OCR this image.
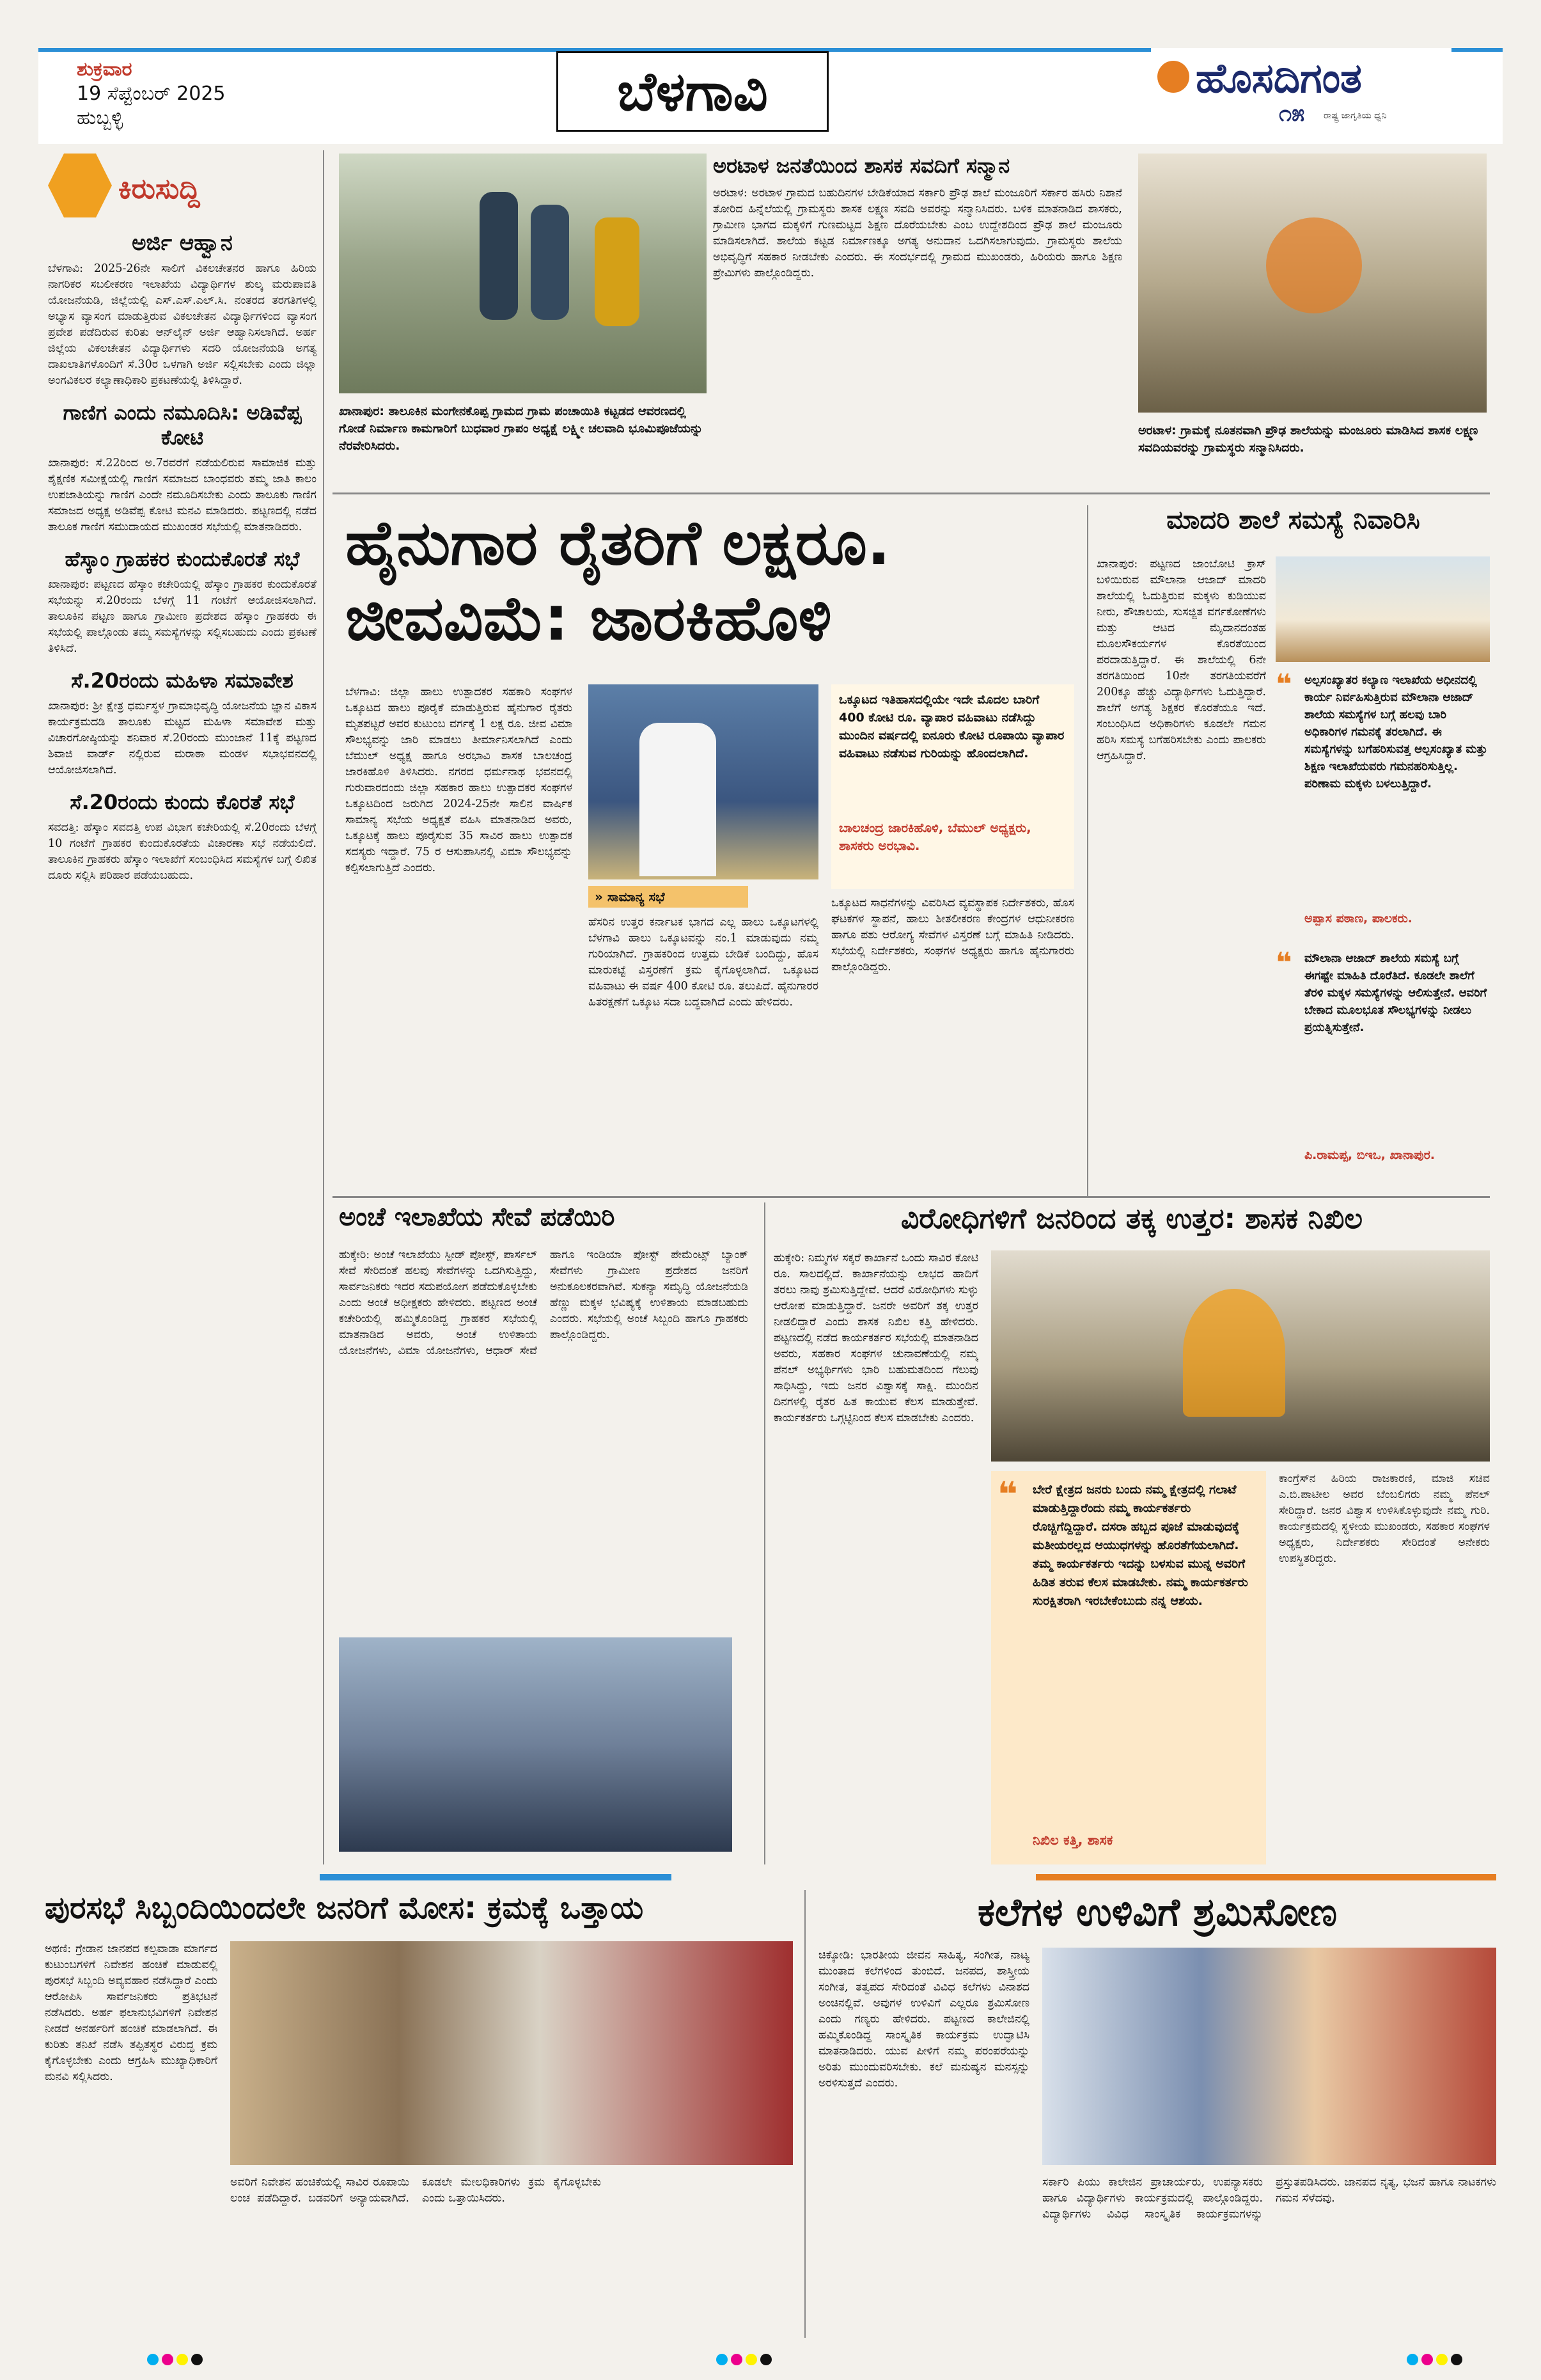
ಶುಕ್ರವಾರ
19 ಸೆಪ್ಟೆಂಬರ್ 2025
ಹುಬ್ಬಳ್ಳಿ	ಬೆಳಗಾವಿ	ಹೊಸದಿಗಂತ
೧೫	ರಾಷ್ಟ್ರ ಜಾಗೃತಿಯ ಧ್ವನಿ
ಕಿರುಸುದ್ದಿ
ಅರ್ಜಿ ಆಹ್ವಾನ
ಬೆಳಗಾವಿ: 2025-26ನೇ ಸಾಲಿಗೆ ವಿಕಲಚೇತನರ ಹಾಗೂ ಹಿರಿಯ ನಾಗರಿಕರ ಸಬಲೀಕರಣ ಇಲಾಖೆಯ ವಿದ್ಯಾರ್ಥಿಗಳ ಶುಲ್ಕ ಮರುಪಾವತಿ ಯೋಜನೆಯಡಿ, ಜಿಲ್ಲೆಯಲ್ಲಿ ಎಸ್.ಎಸ್.ಎಲ್.ಸಿ. ನಂತರದ ತರಗತಿಗಳಲ್ಲಿ ಅಭ್ಯಾಸ ವ್ಯಾಸಂಗ ಮಾಡುತ್ತಿರುವ ವಿಕಲಚೇತನ ವಿದ್ಯಾರ್ಥಿಗಳಿಂದ ವ್ಯಾಸಂಗ ಪ್ರವೇಶ ಪಡೆದಿರುವ ಕುರಿತು ಆನ್‌ಲೈನ್ ಅರ್ಜಿ ಆಹ್ವಾನಿಸಲಾಗಿದೆ. ಅರ್ಹ ಜಿಲ್ಲೆಯ ವಿಕಲಚೇತನ ವಿದ್ಯಾರ್ಥಿಗಳು ಸದರಿ ಯೋಜನೆಯಡಿ ಅಗತ್ಯ ದಾಖಲಾತಿಗಳೊಂದಿಗೆ ಸೆ.30ರ ಒಳಗಾಗಿ ಅರ್ಜಿ ಸಲ್ಲಿಸಬೇಕು ಎಂದು ಜಿಲ್ಲಾ ಅಂಗವಿಕಲರ ಕಲ್ಯಾಣಾಧಿಕಾರಿ ಪ್ರಕಟಣೆಯಲ್ಲಿ ತಿಳಿಸಿದ್ದಾರೆ.
ಗಾಣಿಗ ಎಂದು ನಮೂದಿಸಿ: ಅಡಿವೆಪ್ಪ ಕೋಟಿ
ಖಾನಾಪುರ: ಸೆ.22ರಿಂದ ಅ.7ರವರೆಗೆ ನಡೆಯಲಿರುವ ಸಾಮಾಜಿಕ ಮತ್ತು ಶೈಕ್ಷಣಿಕ ಸಮೀಕ್ಷೆಯಲ್ಲಿ ಗಾಣಿಗ ಸಮಾಜದ ಬಾಂಧವರು ತಮ್ಮ ಜಾತಿ ಕಾಲಂ ಉಪಜಾತಿಯನ್ನು ಗಾಣಿಗ ಎಂದೇ ನಮೂದಿಸಬೇಕು ಎಂದು ತಾಲೂಕು ಗಾಣಿಗ ಸಮಾಜದ ಅಧ್ಯಕ್ಷ ಅಡಿವೆಪ್ಪ ಕೋಟಿ ಮನವಿ ಮಾಡಿದರು. ಪಟ್ಟಣದಲ್ಲಿ ನಡೆದ ತಾಲೂಕ ಗಾಣಿಗ ಸಮುದಾಯದ ಮುಖಂಡರ ಸಭೆಯಲ್ಲಿ ಮಾತನಾಡಿದರು.
ಹೆಸ್ಕಾಂ ಗ್ರಾಹಕರ ಕುಂದುಕೊರತೆ ಸಭೆ
ಖಾನಾಪುರ: ಪಟ್ಟಣದ ಹೆಸ್ಕಾಂ ಕಚೇರಿಯಲ್ಲಿ ಹೆಸ್ಕಾಂ ಗ್ರಾಹಕರ ಕುಂದುಕೊರತೆ ಸಭೆಯನ್ನು ಸೆ.20ರಂದು ಬೆಳಗ್ಗೆ 11 ಗಂಟೆಗೆ ಆಯೋಜಿಸಲಾಗಿದೆ. ತಾಲೂಕಿನ ಪಟ್ಟಣ ಹಾಗೂ ಗ್ರಾಮೀಣ ಪ್ರದೇಶದ ಹೆಸ್ಕಾಂ ಗ್ರಾಹಕರು ಈ ಸಭೆಯಲ್ಲಿ ಪಾಲ್ಗೊಂಡು ತಮ್ಮ ಸಮಸ್ಯೆಗಳನ್ನು ಸಲ್ಲಿಸಬಹುದು ಎಂದು ಪ್ರಕಟಣೆ ತಿಳಿಸಿದೆ.
ಸೆ.20ರಂದು ಮಹಿಳಾ ಸಮಾವೇಶ
ಖಾನಾಪುರ: ಶ್ರೀ ಕ್ಷೇತ್ರ ಧರ್ಮಸ್ಥಳ ಗ್ರಾಮಾಭಿವೃದ್ಧಿ ಯೋಜನೆಯ ಜ್ಞಾನ ವಿಕಾಸ ಕಾರ್ಯಕ್ರಮದಡಿ ತಾಲೂಕು ಮಟ್ಟದ ಮಹಿಳಾ ಸಮಾವೇಶ ಮತ್ತು ವಿಚಾರಗೋಷ್ಠಿಯನ್ನು ಶನಿವಾರ ಸೆ.20ರಂದು ಮುಂಜಾನೆ 11ಕ್ಕೆ ಪಟ್ಟಣದ ಶಿವಾಜಿ ವಾರ್ಡ್ ನಲ್ಲಿರುವ ಮರಾಠಾ ಮಂಡಳ ಸಭಾಭವನದಲ್ಲಿ ಆಯೋಜಿಸಲಾಗಿದೆ.
ಸೆ.20ರಂದು ಕುಂದು ಕೊರತೆ ಸಭೆ
ಸವದತ್ತಿ: ಹೆಸ್ಕಾಂ ಸವದತ್ತಿ ಉಪ ವಿಭಾಗ ಕಚೇರಿಯಲ್ಲಿ ಸೆ.20ರಂದು ಬೆಳಗ್ಗೆ 10 ಗಂಟೆಗೆ ಗ್ರಾಹಕರ ಕುಂದುಕೊರತೆಯ ವಿಚಾರಣಾ ಸಭೆ ನಡೆಯಲಿದೆ. ತಾಲೂಕಿನ ಗ್ರಾಹಕರು ಹೆಸ್ಕಾಂ ಇಲಾಖೆಗೆ ಸಂಬಂಧಿಸಿದ ಸಮಸ್ಯೆಗಳ ಬಗ್ಗೆ ಲಿಖಿತ ದೂರು ಸಲ್ಲಿಸಿ ಪರಿಹಾರ ಪಡೆಯಬಹುದು.
ಖಾನಾಪುರ: ತಾಲೂಕಿನ ಮಂಗೇನಕೊಪ್ಪ ಗ್ರಾಮದ ಗ್ರಾಮ ಪಂಚಾಯಿತಿ ಕಟ್ಟಡದ ಆವರಣದಲ್ಲಿ ಗೋಡೆ ನಿರ್ಮಾಣ ಕಾಮಗಾರಿಗೆ ಬುಧವಾರ ಗ್ರಾಪಂ ಅಧ್ಯಕ್ಷೆ ಲಕ್ಷ್ಮೀ ಚಲವಾದಿ ಭೂಮಿಪೂಜೆಯನ್ನು ನೆರವೇರಿಸಿದರು.
ಅರಟಾಳ ಜನತೆಯಿಂದ ಶಾಸಕ ಸವದಿಗೆ ಸನ್ಮಾನ
ಅರಟಾಳ: ಅರಟಾಳ ಗ್ರಾಮದ ಬಹುದಿನಗಳ ಬೇಡಿಕೆಯಾದ ಸರ್ಕಾರಿ ಪ್ರೌಢ ಶಾಲೆ ಮಂಜೂರಿಗೆ ಸರ್ಕಾರ ಹಸಿರು ನಿಶಾನೆ ತೋರಿದ ಹಿನ್ನೆಲೆಯಲ್ಲಿ ಗ್ರಾಮಸ್ಥರು ಶಾಸಕ ಲಕ್ಷ್ಮಣ ಸವದಿ ಅವರನ್ನು ಸನ್ಮಾನಿಸಿದರು. ಬಳಿಕ ಮಾತನಾಡಿದ ಶಾಸಕರು, ಗ್ರಾಮೀಣ ಭಾಗದ ಮಕ್ಕಳಿಗೆ ಗುಣಮಟ್ಟದ ಶಿಕ್ಷಣ ದೊರೆಯಬೇಕು ಎಂಬ ಉದ್ದೇಶದಿಂದ ಪ್ರೌಢ ಶಾಲೆ ಮಂಜೂರು ಮಾಡಿಸಲಾಗಿದೆ. ಶಾಲೆಯ ಕಟ್ಟಡ ನಿರ್ಮಾಣಕ್ಕೂ ಅಗತ್ಯ ಅನುದಾನ ಒದಗಿಸಲಾಗುವುದು. ಗ್ರಾಮಸ್ಥರು ಶಾಲೆಯ ಅಭಿವೃದ್ಧಿಗೆ ಸಹಕಾರ ನೀಡಬೇಕು ಎಂದರು. ಈ ಸಂದರ್ಭದಲ್ಲಿ ಗ್ರಾಮದ ಮುಖಂಡರು, ಹಿರಿಯರು ಹಾಗೂ ಶಿಕ್ಷಣ ಪ್ರೇಮಿಗಳು ಪಾಲ್ಗೊಂಡಿದ್ದರು.
ಅರಟಾಳ: ಗ್ರಾಮಕ್ಕೆ ನೂತನವಾಗಿ ಪ್ರೌಢ ಶಾಲೆಯನ್ನು ಮಂಜೂರು ಮಾಡಿಸಿದ ಶಾಸಕ ಲಕ್ಷ್ಮಣ ಸವದಿಯವರನ್ನು ಗ್ರಾಮಸ್ಥರು ಸನ್ಮಾನಿಸಿದರು.
ಹೈನುಗಾರ ರೈತರಿಗೆ ಲಕ್ಷರೂ. ಜೀವವಿಮೆ: ಜಾರಕಿಹೊಳಿ
ಬೆಳಗಾವಿ: ಜಿಲ್ಲಾ ಹಾಲು ಉತ್ಪಾದಕರ ಸಹಕಾರಿ ಸಂಘಗಳ ಒಕ್ಕೂಟದ ಹಾಲು ಪೂರೈಕೆ ಮಾಡುತ್ತಿರುವ ಹೈನುಗಾರ ರೈತರು ಮೃತಪಟ್ಟರೆ ಅವರ ಕುಟುಂಬ ವರ್ಗಕ್ಕೆ 1 ಲಕ್ಷ ರೂ. ಜೀವ ವಿಮಾ ಸೌಲಭ್ಯವನ್ನು ಜಾರಿ ಮಾಡಲು ತೀರ್ಮಾನಿಸಲಾಗಿದೆ ಎಂದು ಬೆಮುಲ್ ಅಧ್ಯಕ್ಷ ಹಾಗೂ ಅರಭಾವಿ ಶಾಸಕ ಬಾಲಚಂದ್ರ ಜಾರಕಿಹೊಳಿ ತಿಳಿಸಿದರು. ನಗರದ ಧರ್ಮನಾಥ ಭವನದಲ್ಲಿ ಗುರುವಾರದಂದು ಜಿಲ್ಲಾ ಸಹಕಾರ ಹಾಲು ಉತ್ಪಾದಕರ ಸಂಘಗಳ ಒಕ್ಕೂಟದಿಂದ ಜರುಗಿದ 2024-25ನೇ ಸಾಲಿನ ವಾರ್ಷಿಕ ಸಾಮಾನ್ಯ ಸಭೆಯ ಅಧ್ಯಕ್ಷತೆ ವಹಿಸಿ ಮಾತನಾಡಿದ ಅವರು, ಒಕ್ಕೂಟಕ್ಕೆ ಹಾಲು ಪೂರೈಸುವ 35 ಸಾವಿರ ಹಾಲು ಉತ್ಪಾದಕ ಸದಸ್ಯರು ಇದ್ದಾರೆ. 75 ರ ಆಸುಪಾಸಿನಲ್ಲಿ ವಿಮಾ ಸೌಲಭ್ಯವನ್ನು ಕಲ್ಪಿಸಲಾಗುತ್ತಿದೆ ಎಂದರು.
» ಸಾಮಾನ್ಯ ಸಭೆ
ಹೆಸರಿನ ಉತ್ತರ ಕರ್ನಾಟಕ ಭಾಗದ ಎಲ್ಲ ಹಾಲು ಒಕ್ಕೂಟಗಳಲ್ಲಿ ಬೆಳಗಾವಿ ಹಾಲು ಒಕ್ಕೂಟವನ್ನು ನಂ.1 ಮಾಡುವುದು ನಮ್ಮ ಗುರಿಯಾಗಿದೆ. ಗ್ರಾಹಕರಿಂದ ಉತ್ತಮ ಬೇಡಿಕೆ ಬಂದಿದ್ದು, ಹೊಸ ಮಾರುಕಟ್ಟೆ ವಿಸ್ತರಣೆಗೆ ಕ್ರಮ ಕೈಗೊಳ್ಳಲಾಗಿದೆ. ಒಕ್ಕೂಟದ ವಹಿವಾಟು ಈ ವರ್ಷ 400 ಕೋಟಿ ರೂ. ತಲುಪಿದೆ. ಹೈನುಗಾರರ ಹಿತರಕ್ಷಣೆಗೆ ಒಕ್ಕೂಟ ಸದಾ ಬದ್ಧವಾಗಿದೆ ಎಂದು ಹೇಳಿದರು.
ಒಕ್ಕೂಟದ ಇತಿಹಾಸದಲ್ಲಿಯೇ ಇದೇ ಮೊದಲ ಬಾರಿಗೆ 400 ಕೋಟಿ ರೂ. ವ್ಯಾಪಾರ ವಹಿವಾಟು ನಡೆಸಿದ್ದು ಮುಂದಿನ ವರ್ಷದಲ್ಲಿ ಐನೂರು ಕೋಟಿ ರೂಪಾಯಿ ವ್ಯಾಪಾರ ವಹಿವಾಟು ನಡೆಸುವ ಗುರಿಯನ್ನು ಹೊಂದಲಾಗಿದೆ.
ಬಾಲಚಂದ್ರ ಜಾರಕಿಹೊಳಿ, ಬೆಮುಲ್ ಅಧ್ಯಕ್ಷರು, ಶಾಸಕರು ಅರಭಾವಿ.
ಒಕ್ಕೂಟದ ಸಾಧನೆಗಳನ್ನು ವಿವರಿಸಿದ ವ್ಯವಸ್ಥಾಪಕ ನಿರ್ದೇಶಕರು, ಹೊಸ ಘಟಕಗಳ ಸ್ಥಾಪನೆ, ಹಾಲು ಶೀತಲೀಕರಣ ಕೇಂದ್ರಗಳ ಆಧುನೀಕರಣ ಹಾಗೂ ಪಶು ಆರೋಗ್ಯ ಸೇವೆಗಳ ವಿಸ್ತರಣೆ ಬಗ್ಗೆ ಮಾಹಿತಿ ನೀಡಿದರು. ಸಭೆಯಲ್ಲಿ ನಿರ್ದೇಶಕರು, ಸಂಘಗಳ ಅಧ್ಯಕ್ಷರು ಹಾಗೂ ಹೈನುಗಾರರು ಪಾಲ್ಗೊಂಡಿದ್ದರು.
ಮಾದರಿ ಶಾಲೆ ಸಮಸ್ಯೆ ನಿವಾರಿಸಿ
ಖಾನಾಪುರ: ಪಟ್ಟಣದ ಜಾಂಬೋಟಿ ಕ್ರಾಸ್ ಬಳಿಯಿರುವ ಮೌಲಾನಾ ಆಜಾದ್ ಮಾದರಿ ಶಾಲೆಯಲ್ಲಿ ಓದುತ್ತಿರುವ ಮಕ್ಕಳು ಕುಡಿಯುವ ನೀರು, ಶೌಚಾಲಯ, ಸುಸಜ್ಜಿತ ವರ್ಗಕೋಣೆಗಳು ಮತ್ತು ಆಟದ ಮೈದಾನದಂತಹ ಮೂಲಸೌಕರ್ಯಗಳ ಕೊರತೆಯಿಂದ ಪರದಾಡುತ್ತಿದ್ದಾರೆ. ಈ ಶಾಲೆಯಲ್ಲಿ 6ನೇ ತರಗತಿಯಿಂದ 10ನೇ ತರಗತಿಯವರೆಗೆ 200ಕ್ಕೂ ಹೆಚ್ಚು ವಿದ್ಯಾರ್ಥಿಗಳು ಓದುತ್ತಿದ್ದಾರೆ. ಶಾಲೆಗೆ ಅಗತ್ಯ ಶಿಕ್ಷಕರ ಕೊರತೆಯೂ ಇದೆ. ಸಂಬಂಧಿಸಿದ ಅಧಿಕಾರಿಗಳು ಕೂಡಲೇ ಗಮನ ಹರಿಸಿ ಸಮಸ್ಯೆ ಬಗೆಹರಿಸಬೇಕು ಎಂದು ಪಾಲಕರು ಆಗ್ರಹಿಸಿದ್ದಾರೆ.
❝ ಅಲ್ಪಸಂಖ್ಯಾತರ ಕಲ್ಯಾಣ ಇಲಾಖೆಯ ಅಧೀನದಲ್ಲಿ ಕಾರ್ಯ ನಿರ್ವಹಿಸುತ್ತಿರುವ ಮೌಲಾನಾ ಆಜಾದ್ ಶಾಲೆಯ ಸಮಸ್ಯೆಗಳ ಬಗ್ಗೆ ಹಲವು ಬಾರಿ ಅಧಿಕಾರಿಗಳ ಗಮನಕ್ಕೆ ತರಲಾಗಿದೆ. ಈ ಸಮಸ್ಯೆಗಳನ್ನು ಬಗೆಹರಿಸುವತ್ತ ಆಲ್ಪಸಂಖ್ಯಾತ ಮತ್ತು ಶಿಕ್ಷಣ ಇಲಾಖೆಯವರು ಗಮನಹರಿಸುತ್ತಿಲ್ಲ. ಪರಿಣಾಮ ಮಕ್ಕಳು ಬಳಲುತ್ತಿದ್ದಾರೆ.
ಅಪ್ಪಾಸ ಪಠಾಣ, ಪಾಲಕರು.
❝ ಮೌಲಾನಾ ಆಜಾದ್ ಶಾಲೆಯ ಸಮಸ್ಯೆ ಬಗ್ಗೆ ಈಗಷ್ಟೇ ಮಾಹಿತಿ ದೊರೆತಿದೆ. ಕೂಡಲೇ ಶಾಲೆಗೆ ತೆರಳಿ ಮಕ್ಕಳ ಸಮಸ್ಯೆಗಳನ್ನು ಆಲಿಸುತ್ತೇನೆ. ಆವರಿಗೆ ಬೇಕಾದ ಮೂಲಭೂತ ಸೌಲಭ್ಯಗಳನ್ನು ನೀಡಲು ಪ್ರಯತ್ನಿಸುತ್ತೇನೆ.
ಪಿ.ರಾಮಪ್ಪ, ಬಿಇಒ, ಖಾನಾಪುರ.
ಅಂಚೆ ಇಲಾಖೆಯ ಸೇವೆ ಪಡೆಯಿರಿ
ಹುಕ್ಕೇರಿ: ಅಂಚೆ ಇಲಾಖೆಯು ಸ್ಪೀಡ್ ಪೋಸ್ಟ್, ಪಾರ್ಸಲ್ ಸೇವೆ ಸೇರಿದಂತೆ ಹಲವು ಸೇವೆಗಳನ್ನು ಒದಗಿಸುತ್ತಿದ್ದು, ಸಾರ್ವಜನಿಕರು ಇದರ ಸದುಪಯೋಗ ಪಡೆದುಕೊಳ್ಳಬೇಕು ಎಂದು ಅಂಚೆ ಅಧೀಕ್ಷಕರು ಹೇಳಿದರು. ಪಟ್ಟಣದ ಅಂಚೆ ಕಚೇರಿಯಲ್ಲಿ ಹಮ್ಮಿಕೊಂಡಿದ್ದ ಗ್ರಾಹಕರ ಸಭೆಯಲ್ಲಿ ಮಾತನಾಡಿದ ಅವರು, ಅಂಚೆ ಉಳಿತಾಯ ಯೋಜನೆಗಳು, ವಿಮಾ ಯೋಜನೆಗಳು, ಆಧಾರ್ ಸೇವೆ ಹಾಗೂ ಇಂಡಿಯಾ ಪೋಸ್ಟ್ ಪೇಮೆಂಟ್ಸ್ ಬ್ಯಾಂಕ್ ಸೇವೆಗಳು ಗ್ರಾಮೀಣ ಪ್ರದೇಶದ ಜನರಿಗೆ ಅನುಕೂಲಕರವಾಗಿವೆ. ಸುಕನ್ಯಾ ಸಮೃದ್ಧಿ ಯೋಜನೆಯಡಿ ಹೆಣ್ಣು ಮಕ್ಕಳ ಭವಿಷ್ಯಕ್ಕೆ ಉಳಿತಾಯ ಮಾಡಬಹುದು ಎಂದರು. ಸಭೆಯಲ್ಲಿ ಅಂಚೆ ಸಿಬ್ಬಂದಿ ಹಾಗೂ ಗ್ರಾಹಕರು ಪಾಲ್ಗೊಂಡಿದ್ದರು.
ವಿರೋಧಿಗಳಿಗೆ ಜನರಿಂದ ತಕ್ಕ ಉತ್ತರ: ಶಾಸಕ ನಿಖಿಲ
ಹುಕ್ಕೇರಿ: ನಿಮ್ಮಗಳ ಸಕ್ಕರೆ ಕಾರ್ಖಾನೆ ಒಂದು ಸಾವಿರ ಕೋಟಿ ರೂ. ಸಾಲದಲ್ಲಿದೆ. ಕಾರ್ಖಾನೆಯನ್ನು ಲಾಭದ ಹಾದಿಗೆ ತರಲು ನಾವು ಶ್ರಮಿಸುತ್ತಿದ್ದೇವೆ. ಆದರೆ ವಿರೋಧಿಗಳು ಸುಳ್ಳು ಆರೋಪ ಮಾಡುತ್ತಿದ್ದಾರೆ. ಜನರೇ ಅವರಿಗೆ ತಕ್ಕ ಉತ್ತರ ನೀಡಲಿದ್ದಾರೆ ಎಂದು ಶಾಸಕ ನಿಖಿಲ ಕತ್ತಿ ಹೇಳಿದರು. ಪಟ್ಟಣದಲ್ಲಿ ನಡೆದ ಕಾರ್ಯಕರ್ತರ ಸಭೆಯಲ್ಲಿ ಮಾತನಾಡಿದ ಅವರು, ಸಹಕಾರ ಸಂಘಗಳ ಚುನಾವಣೆಯಲ್ಲಿ ನಮ್ಮ ಪೆನಲ್ ಅಭ್ಯರ್ಥಿಗಳು ಭಾರಿ ಬಹುಮತದಿಂದ ಗೆಲುವು ಸಾಧಿಸಿದ್ದು, ಇದು ಜನರ ವಿಶ್ವಾಸಕ್ಕೆ ಸಾಕ್ಷಿ. ಮುಂದಿನ ದಿನಗಳಲ್ಲಿ ರೈತರ ಹಿತ ಕಾಯುವ ಕೆಲಸ ಮಾಡುತ್ತೇವೆ. ಕಾರ್ಯಕರ್ತರು ಒಗ್ಗಟ್ಟಿನಿಂದ ಕೆಲಸ ಮಾಡಬೇಕು ಎಂದರು.
❝ ಬೇರೆ ಕ್ಷೇತ್ರದ ಜನರು ಬಂದು ನಮ್ಮ ಕ್ಷೇತ್ರದಲ್ಲಿ ಗಲಾಟೆ ಮಾಡುತ್ತಿದ್ದಾರೆಂದು ನಮ್ಮ ಕಾರ್ಯಕರ್ತರು ರೊಚ್ಚಿಗೆದ್ದಿದ್ದಾರೆ. ದಸರಾ ಹಬ್ಬದ ಪೂಜೆ ಮಾಡುವುದಕ್ಕೆ ಮತೀಯರಲ್ಲದ ಆಯುಧಗಳನ್ನು ಹೊರತೆಗೆಯಲಾಗಿದೆ. ತಮ್ಮ ಕಾರ್ಯಕರ್ತರು ಇದನ್ನು ಬಳಸುವ ಮುನ್ನ ಅವರಿಗೆ ಹಿಡಿತ ತರುವ ಕೆಲಸ ಮಾಡಬೇಕು. ನಮ್ಮ ಕಾರ್ಯಕರ್ತರು ಸುರಕ್ಷಿತರಾಗಿ ಇರಬೇಕೆಂಬುದು ನನ್ನ ಆಶಯ.
ನಿಖಿಲ ಕತ್ತಿ, ಶಾಸಕ
ಕಾಂಗ್ರೆಸ್‌ನ ಹಿರಿಯ ರಾಜಕಾರಣಿ, ಮಾಜಿ ಸಚಿವ ಎ.ಬಿ.ಪಾಟೀಲ ಅವರ ಬೆಂಬಲಿಗರು ನಮ್ಮ ಪೆನಲ್ ಸೇರಿದ್ದಾರೆ. ಜನರ ವಿಶ್ವಾಸ ಉಳಿಸಿಕೊಳ್ಳುವುದೇ ನಮ್ಮ ಗುರಿ. ಕಾರ್ಯಕ್ರಮದಲ್ಲಿ ಸ್ಥಳೀಯ ಮುಖಂಡರು, ಸಹಕಾರ ಸಂಘಗಳ ಅಧ್ಯಕ್ಷರು, ನಿರ್ದೇಶಕರು ಸೇರಿದಂತೆ ಅನೇಕರು ಉಪಸ್ಥಿತರಿದ್ದರು.
ಪುರಸಭೆ ಸಿಬ್ಬಂದಿಯಿಂದಲೇ ಜನರಿಗೆ ಮೋಸ: ಕ್ರಮಕ್ಕೆ ಒತ್ತಾಯ
ಅಥಣಿ: ಗ್ರೇಡಾನ ಜಾನಪದ ಕಲ್ಪವಾಡಾ ಮಾರ್ಗದ ಕುಟುಂಬಗಳಿಗೆ ನಿವೇಶನ ಹಂಚಿಕೆ ಮಾಡುವಲ್ಲಿ ಪುರಸಭೆ ಸಿಬ್ಬಂದಿ ಅವ್ಯವಹಾರ ನಡೆಸಿದ್ದಾರೆ ಎಂದು ಆರೋಪಿಸಿ ಸಾರ್ವಜನಿಕರು ಪ್ರತಿಭಟನೆ ನಡೆಸಿದರು. ಅರ್ಹ ಫಲಾನುಭವಿಗಳಿಗೆ ನಿವೇಶನ ನೀಡದೆ ಅನರ್ಹರಿಗೆ ಹಂಚಿಕೆ ಮಾಡಲಾಗಿದೆ. ಈ ಕುರಿತು ತನಿಖೆ ನಡೆಸಿ ತಪ್ಪಿತಸ್ಥರ ವಿರುದ್ಧ ಕ್ರಮ ಕೈಗೊಳ್ಳಬೇಕು ಎಂದು ಆಗ್ರಹಿಸಿ ಮುಖ್ಯಾಧಿಕಾರಿಗೆ ಮನವಿ ಸಲ್ಲಿಸಿದರು.
ಅವರಿಗೆ ನಿವೇಶನ ಹಂಚಿಕೆಯಲ್ಲಿ ಸಾವಿರ ರೂಪಾಯಿ ಲಂಚ ಪಡೆದಿದ್ದಾರೆ. ಬಡವರಿಗೆ ಅನ್ಯಾಯವಾಗಿದೆ. ಕೂಡಲೇ ಮೇಲಧಿಕಾರಿಗಳು ಕ್ರಮ ಕೈಗೊಳ್ಳಬೇಕು ಎಂದು ಒತ್ತಾಯಿಸಿದರು.
ಕಲೆಗಳ ಉಳಿವಿಗೆ ಶ್ರಮಿಸೋಣ
ಚಿಕ್ಕೋಡಿ: ಭಾರತೀಯ ಜೀವನ ಸಾಹಿತ್ಯ, ಸಂಗೀತ, ನಾಟ್ಯ ಮುಂತಾದ ಕಲೆಗಳಿಂದ ತುಂಬಿದೆ. ಜನಪದ, ಶಾಸ್ತ್ರೀಯ ಸಂಗೀತ, ತತ್ವಪದ ಸೇರಿದಂತೆ ವಿವಿಧ ಕಲೆಗಳು ವಿನಾಶದ ಅಂಚಿನಲ್ಲಿವೆ. ಅವುಗಳ ಉಳಿವಿಗೆ ಎಲ್ಲರೂ ಶ್ರಮಿಸೋಣ ಎಂದು ಗಣ್ಯರು ಹೇಳಿದರು. ಪಟ್ಟಣದ ಕಾಲೇಜಿನಲ್ಲಿ ಹಮ್ಮಿಕೊಂಡಿದ್ದ ಸಾಂಸ್ಕೃತಿಕ ಕಾರ್ಯಕ್ರಮ ಉದ್ಘಾಟಿಸಿ ಮಾತನಾಡಿದರು. ಯುವ ಪೀಳಿಗೆ ನಮ್ಮ ಪರಂಪರೆಯನ್ನು ಅರಿತು ಮುಂದುವರಿಸಬೇಕು. ಕಲೆ ಮನುಷ್ಯನ ಮನಸ್ಸನ್ನು ಅರಳಿಸುತ್ತದೆ ಎಂದರು.
ಸರ್ಕಾರಿ ಪಿಯು ಕಾಲೇಜಿನ ಪ್ರಾಚಾರ್ಯರು, ಉಪನ್ಯಾಸಕರು ಹಾಗೂ ವಿದ್ಯಾರ್ಥಿಗಳು ಕಾರ್ಯಕ್ರಮದಲ್ಲಿ ಪಾಲ್ಗೊಂಡಿದ್ದರು. ವಿದ್ಯಾರ್ಥಿಗಳು ವಿವಿಧ ಸಾಂಸ್ಕೃತಿಕ ಕಾರ್ಯಕ್ರಮಗಳನ್ನು ಪ್ರಸ್ತುತಪಡಿಸಿದರು. ಜಾನಪದ ನೃತ್ಯ, ಭಜನೆ ಹಾಗೂ ನಾಟಕಗಳು ಗಮನ ಸೆಳೆದವು.
